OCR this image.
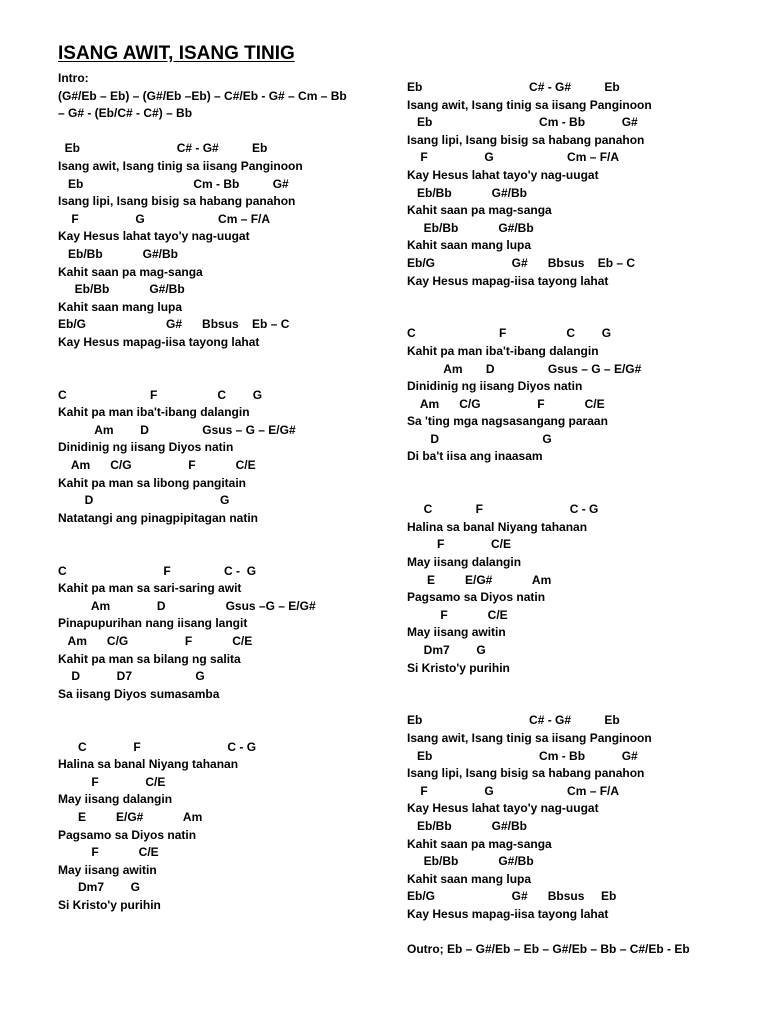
ISANG AWIT, ISANG TINIG
Intro:
(G#/Eb – Eb) – (G#/Eb –Eb) – C#/Eb - G# – Cm – Bb
– G# - (Eb/C# - C#) – Bb
Eb                             C# - G#          Eb
Isang awit, Isang tinig sa iisang Panginoon
Eb                                 Cm - Bb          G#
Isang lipi, Isang bisig sa habang panahon
F                 G                      Cm – F/A
Kay Hesus lahat tayo'y nag-uugat
Eb/Bb            G#/Bb
Kahit saan pa mag-sanga
Eb/Bb            G#/Bb
Kahit saan mang lupa
Eb/G                        G#      Bbsus    Eb – C
Kay Hesus mapag-iisa tayong lahat
C                         F                  C        G
Kahit pa man iba't-ibang dalangin
Am        D                Gsus – G – E/G#
Dinidinig ng iisang Diyos natin
Am      C/G                 F            C/E
Kahit pa man sa libong pangitain
D                                      G
Natatangi ang pinagpipitagan natin
C                             F                C -  G
Kahit pa man sa sari-saring awit
Am              D                  Gsus –G – E/G#
Pinapupurihan nang iisang langit
Am      C/G                 F            C/E
Kahit pa man sa bilang ng salita
D           D7                   G
Sa iisang Diyos sumasamba
C              F                          C - G
Halina sa banal Niyang tahanan
F              C/E
May iisang dalangin
E         E/G#            Am
Pagsamo sa Diyos natin
F            C/E
May iisang awitin
Dm7        G
Si Kristo'y purihin
Eb                                C# - G#          Eb
Isang awit, Isang tinig sa iisang Panginoon
Eb                                Cm - Bb           G#
Isang lipi, Isang bisig sa habang panahon
F                 G                      Cm – F/A
Kay Hesus lahat tayo'y nag-uugat
Eb/Bb            G#/Bb
Kahit saan pa mag-sanga
Eb/Bb            G#/Bb
Kahit saan mang lupa
Eb/G                       G#      Bbsus    Eb – C
Kay Hesus mapag-iisa tayong lahat
C                         F                  C        G
Kahit pa man iba't-ibang dalangin
Am       D                Gsus – G – E/G#
Dinidinig ng iisang Diyos natin
Am      C/G                 F            C/E
Sa 'ting mga nagsasangang paraan
D                               G
Di ba't iisa ang inaasam
C             F                          C - G
Halina sa banal Niyang tahanan
F              C/E
May iisang dalangin
E         E/G#            Am
Pagsamo sa Diyos natin
F            C/E
May iisang awitin
Dm7        G
Si Kristo'y purihin
Eb                                C# - G#          Eb
Isang awit, Isang tinig sa iisang Panginoon
Eb                                Cm - Bb           G#
Isang lipi, Isang bisig sa habang panahon
F                 G                      Cm – F/A
Kay Hesus lahat tayo'y nag-uugat
Eb/Bb            G#/Bb
Kahit saan pa mag-sanga
Eb/Bb            G#/Bb
Kahit saan mang lupa
Eb/G                       G#      Bbsus     Eb
Kay Hesus mapag-iisa tayong lahat
Outro; Eb – G#/Eb – Eb – G#/Eb – Bb – C#/Eb - Eb
